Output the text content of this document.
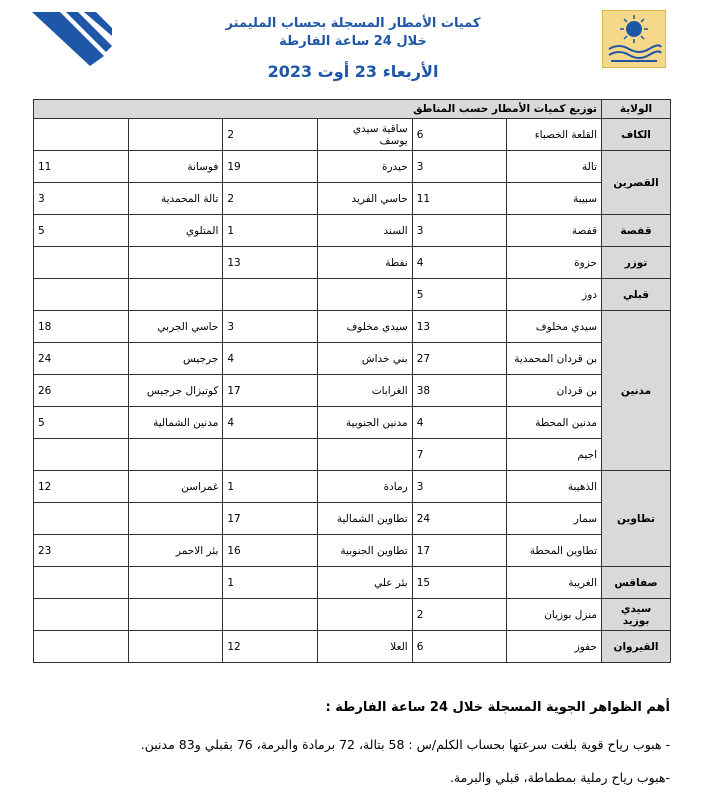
كميات الأمطار المسجلة بحساب المليمتر
خلال 24 ساعة الفارطة
الأربعاء 23 أوت 2023
الولاية	توزيع كميات الأمطار حسب المناطق					
الكاف	القلعة الخصباء	6	ساقية سيدي يوسف	2		
القصرين	تالة	3	حيدرة	19	فوسانة	11
	سبيبة	11	حاسي الفريد	2	تالة المحمدية	3
قفصة	قفصة	3	السند	1	المتلوي	5
توزر	حزوة	4	نفطة	13		
قبلي	دوز	5				
مدنين	سيدي مخلوف	13	سيدي مخلوف	3	حاسي الجربي	18
	بن قردان المحمدية	27	بني خداش	4	جرجيس	24
	بن قردان	38	الغرابات	17	كوتيزال جرجيس	26
	مدنين المحطة	4	مدنين الجنوبية	4	مدنين الشمالية	5
	اجيم	7				
تطاوين	الذهيبة	3	رمادة	1	غمراسن	12
	سمار	24	تطاوين الشمالية	17		
	تطاوين المحطة	17	تطاوين الجنوبية	16	بئر الاحمر	23
صفاقس	الغريبة	15	بئر علي	1		
سيدي بوزيد	منزل بوزيان	2				
القيروان	حفوز	6	العلا	12		
أهم الظواهر الجوية المسجلة خلال 24 ساعة الفارطة :
- هبوب رياح قوية بلغت سرعتها بحساب الكلم/س : 58 بتالة، 72 برمادة والبرمة، 76 بقبلي و83 مدنين.
-هبوب رياح رملية بمطماطة، قبلي والبرمة.
